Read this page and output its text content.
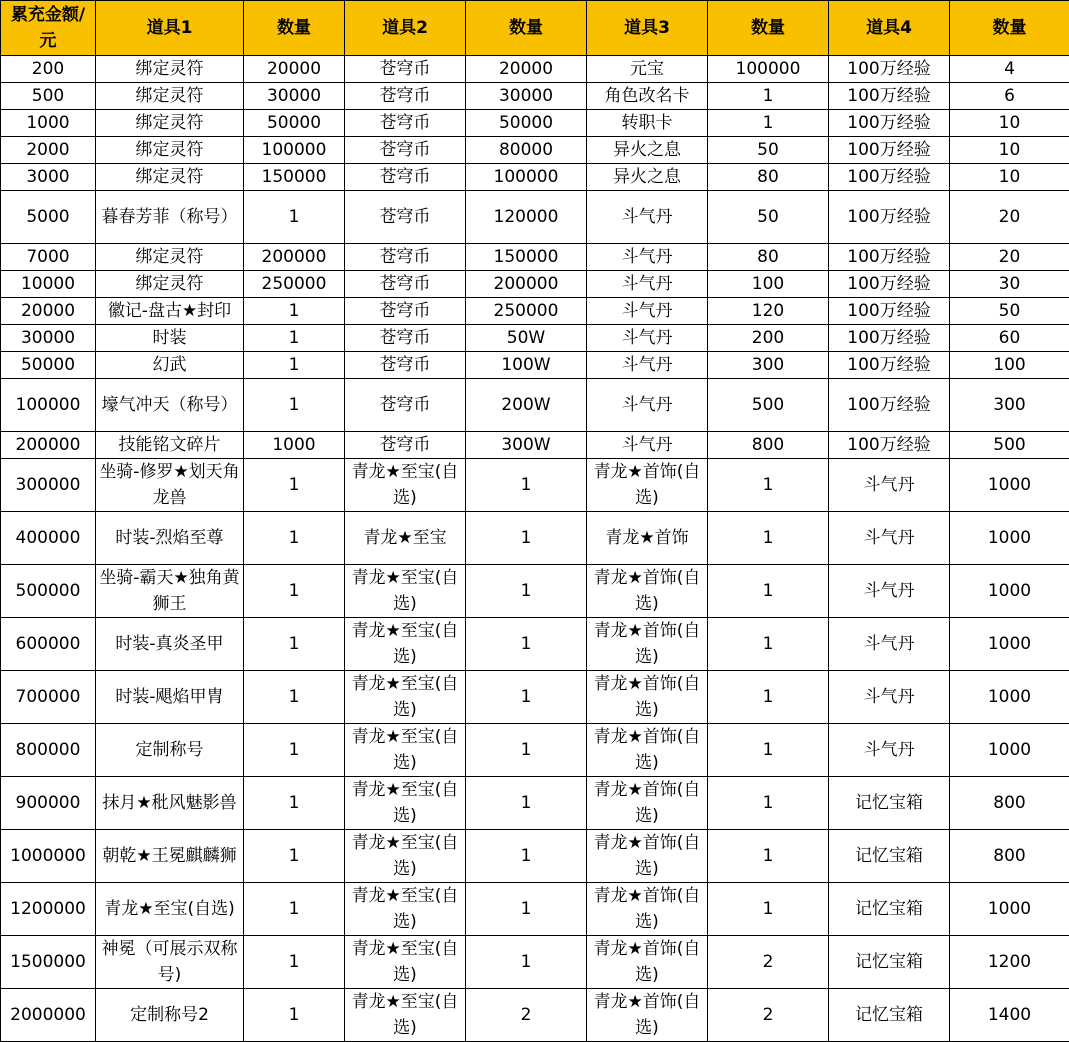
累充金额/元	道具1	数量	道具2	数量	道具3	数量	道具4	数量
200	绑定灵符	20000	苍穹币	20000	元宝	100000	100万经验	4
500	绑定灵符	30000	苍穹币	30000	角色改名卡	1	100万经验	6
1000	绑定灵符	50000	苍穹币	50000	转职卡	1	100万经验	10
2000	绑定灵符	100000	苍穹币	80000	异火之息	50	100万经验	10
3000	绑定灵符	150000	苍穹币	100000	异火之息	80	100万经验	10
5000	暮春芳菲（称号）	1	苍穹币	120000	斗气丹	50	100万经验	20
7000	绑定灵符	200000	苍穹币	150000	斗气丹	80	100万经验	20
10000	绑定灵符	250000	苍穹币	200000	斗气丹	100	100万经验	30
20000	徽记-盘古★封印	1	苍穹币	250000	斗气丹	120	100万经验	50
30000	时装	1	苍穹币	50W	斗气丹	200	100万经验	60
50000	幻武	1	苍穹币	100W	斗气丹	300	100万经验	100
100000	壕气冲天（称号）	1	苍穹币	200W	斗气丹	500	100万经验	300
200000	技能铭文碎片	1000	苍穹币	300W	斗气丹	800	100万经验	500
300000	坐骑-修罗★划天角龙兽	1	青龙★至宝(自选)	1	青龙★首饰(自选)	1	斗气丹	1000
400000	时装-烈焰至尊	1	青龙★至宝	1	青龙★首饰	1	斗气丹	1000
500000	坐骑-霸天★独角黄狮王	1	青龙★至宝(自选)	1	青龙★首饰(自选)	1	斗气丹	1000
600000	时装-真炎圣甲	1	青龙★至宝(自选)	1	青龙★首饰(自选)	1	斗气丹	1000
700000	时装-飓焰甲胄	1	青龙★至宝(自选)	1	青龙★首饰(自选)	1	斗气丹	1000
800000	定制称号	1	青龙★至宝(自选)	1	青龙★首饰(自选)	1	斗气丹	1000
900000	抹月★秕风魅影兽	1	青龙★至宝(自选)	1	青龙★首饰(自选)	1	记忆宝箱	800
1000000	朝乾★王冕麒麟狮	1	青龙★至宝(自选)	1	青龙★首饰(自选)	1	记忆宝箱	800
1200000	青龙★至宝(自选)	1	青龙★至宝(自选)	1	青龙★首饰(自选)	1	记忆宝箱	1000
1500000	神冕（可展示双称号)	1	青龙★至宝(自选)	1	青龙★首饰(自选)	2	记忆宝箱	1200
2000000	定制称号2	1	青龙★至宝(自选)	2	青龙★首饰(自选)	2	记忆宝箱	1400
